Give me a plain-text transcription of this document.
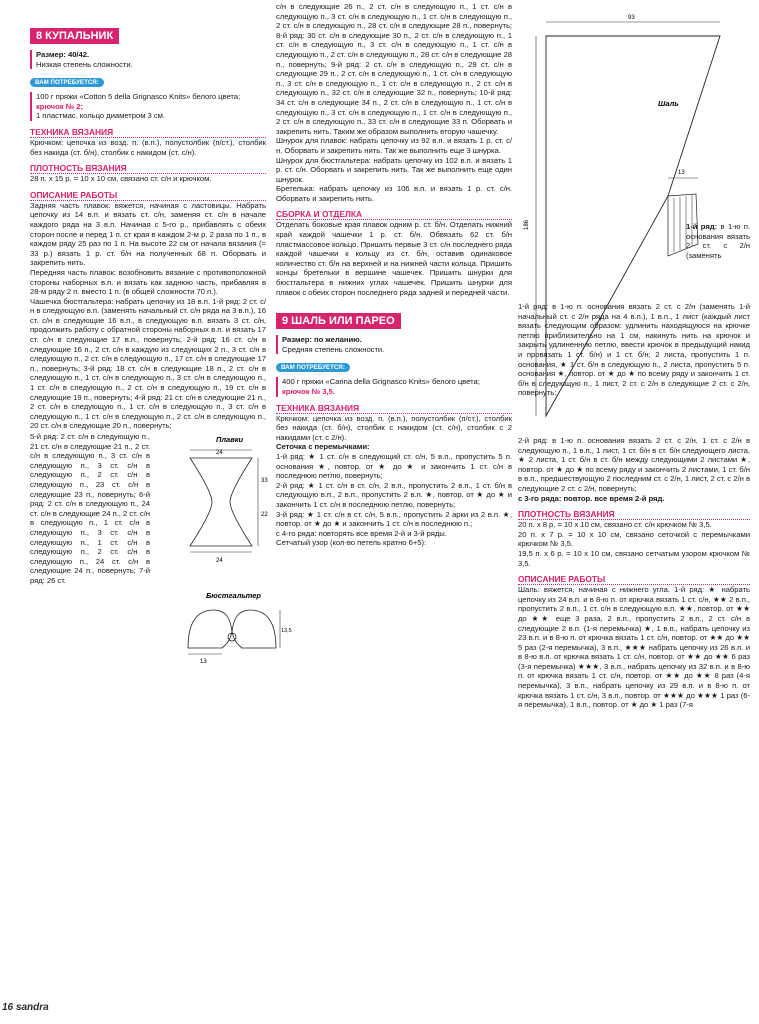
8 КУПАЛЬНИК

Размер: 40/42.

Низкая степень сложности.

ВАМ ПОТРЕБУЕТСЯ:

100 г пряжи «Cotton 5 della Grignasco Knits» белого цвета;

крючок № 2;

1 пластмас. кольцо диаметром 3 см.

ТЕХНИКА ВЯЗАНИЯ

Крючком: цепочка из возд. п. (в.п.), полустолбик (п/ст.), столбик без накида (ст. б/н), столбик с накидом (ст. с/н).

ПЛОТНОСТЬ ВЯЗАНИЯ

28 п. х 15 р. = 10 х 10 см, связано ст. с/н и крючком.

ОПИСАНИЕ РАБОТЫ

Задняя часть плавок: вяжется, начиная с ластовицы. Набрать цепочку из 14 в.п. и вязать ст. с/н, заменяя ст. с/н в начале каждого ряда на 3 в.п. Начиная с 5-го р., прибавлять с обеих сторон после и перед 1 п. ст края в каждом 2-м р. 2 раза по 1 п., в каждом ряду 25 раз по 1 п. На высоте 22 см от начала вязания (= 33 р.) вязать 1 р. ст. б/н на полученных 68 п. Оборвать и закрепить нить.

Передняя часть плавок: возобновить вязание с противоположной стороны наборных в.п. и вязать как заднюю часть, прибавляя в 28-м ряду 2 п. вместо 1 п. (в общей сложности 70 п.).

Чашечка бюстгальтера: набрать цепочку из 18 в.п. 1-й ряд: 2 ст. с/н в следующую в.п. (заменять начальный ст. с/н ряда на 3 в.п.), 16 ст. с/н в следующие 16 в.п., в следующую в.п. вязать 3 ст. с/н, продолжить работу с обратной стороны наборных в.п. и вязать 17 ст. с/н в следующие 17 в.п., повернуть; 2-й ряд: 16 ст. с/н в следующие 16 п., 2 ст. с/н в каждую из следующих 2 п., 3 ст. с/н в следующую п., 2 ст. с/н в следующую п., 17 ст. с/н в следующие 17 п., повернуть; 3-й ряд: 18 ст. с/н в следующие 18 п., 2 ст. с/н в следующую п., 1 ст. с/н в следующую п., 3 ст. с/н в следующую п., 1 ст. с/н в следующую п., 2 ст. с/н в следующую п., 19 ст. с/н в следующие 19 п., повернуть; 4-й ряд: 21 ст. с/н в следующие 21 п., 2 ст. с/н в следующую п., 1 ст. с/н в следующую п., 3 ст. с/н в следующую п., 1 ст. с/н в следующую п., 2 ст. с/н в следующую п., 20 ст. с/н в следующие 20 п., повернуть;

5-й ряд: 2 ст. с/н в следующую п., 21 ст. с/н в следующие 21 п., 2 ст. с/н в следующую п., 3 ст. с/н в следующую п., 3 ст. с/н в следующую п., 2 ст. с/н в следующую п., 23 ст. с/н в следующие 23 п., повернуть; 6-й ряд: 2 ст. с/н в следующую п., 24 ст. с/н в следующие 24 п., 2 ст. с/н в следующую п., 1 ст. с/н в следующую п., 3 ст. с/н в следующую п., 1 ст. с/н в следующую п., 2 ст. с/н в следующую п., 24 ст. с/н в следующие 24 п., повернуть; 7-й ряд: 26 ст.

Плавки
24
33
22
24
Бюстгальтер
13,5
13

с/н в следующие 26 п., 2 ст. с/н в следующую п., 1 ст. с/н в следующую п., 3 ст. с/н в следующую п., 1 ст. с/н в следующую п., 2 ст. с/н в следующую п., 28 ст. с/н в следующие 28 п., повернуть; 8-й ряд: 30 ст. с/н в следующие 30 п., 2 ст. с/н в следующую п., 1 ст. с/н в следующую п., 3 ст. с/н в следующую п., 1 ст. с/н в следующую п., 2 ст. с/н в следующую п., 28 ст. с/н в следующие 28 п., повернуть; 9-й ряд: 2 ст. с/н в следующую п., 29 ст. с/н в следующие 29 п., 2 ст. с/н в следующую п., 1 ст. с/н в следующую п., 3 ст. с/н в следующую п., 1 ст. с/н в следующую п., 2 ст. с/н в следующую п., 32 ст. с/н в следующие 32 п., повернуть; 10-й ряд: 34 ст. с/н в следующие 34 п., 2 ст. с/н в следующую п., 1 ст. с/н в следующую п., 3 ст. с/н в следующую п., 1 ст. с/н в следующую п., 2 ст. с/н в следующую п., 33 ст. с/н в следующие 33 п. Оборвать и закрепить нить. Таким же образом выполнить вторую чашечку.

Шнурок для плавок: набрать цепочку из 92 в.п. и вязать 1 р. ст. с/н. Оборвать и закрепить нить. Так же выполнить еще 3 шнурка.

Шнурок для бюстгальтера: набрать цепочку из 102 в.п. и вязать 1 р. ст. с/н. Оборвать и закрепить нить. Так же выполнить еще один шнурок.

Бретелька: набрать цепочку из 106 в.п. и вязать 1 р. ст. с/н. Оборвать и закрепить нить.

СБОРКА И ОТДЕЛКА

Отделать боковые края плавок одним р. ст. б/н. Отделать нижний край каждой чашечки 1 р. ст. б/н. Обвязать 62 ст. б/н пластмассовое кольцо. Пришить первые 3 ст. с/н последнего ряда каждой чашечки к кольцу из ст. б/н, оставив одинаковое количество ст. б/н на верхней и на нижней части кольца. Пришить концы бретельки в вершине чашечек. Пришить шнурки для бюстгальтера в нижних углах чашечек. Пришить шнурки для плавок с обеих сторон последнего ряда задней и передней части.

9 ШАЛЬ ИЛИ ПАРЕО

Размер: по желанию.

Средняя степень сложности.

ВАМ ПОТРЕБУЕТСЯ:

400 г пряжи «Carina della Grignasco Knits» белого цвета;

крючок № 3,5.

ТЕХНИКА ВЯЗАНИЯ

Крючком: цепочка из возд. п. (в.п.), полустолбик (п/ст.), столбик без накида (ст. б/н), столбик с накидом (ст. с/н), столбик с 2 накидами (ст. с 2/н).

Сеточка с перемычками:

1-й ряд: ★ 1 ст. с/н в следующий ст. с/н, 5 в.п., пропустить 5 п. основания ★, повтор. от ★ до ★ и закончить 1 ст. с/н в последнюю петлю, повернуть;

2-й ряд: ★ 1 ст. с/н в ст. с/н, 2 в.п., пропустить 2 в.п., 1 ст. б/н в следующую в.п., 2 в.п., пропустить 2 в.п. ★, повтор. от ★ до ★ и закончить 1 ст. с/н в последнюю петлю, повернуть;

3-й ряд: ★ 1 ст. с/н в ст. с/н, 5 в.п., пропустить 2 арки из 2 в.п. ★, повтор. от ★ до ★ и закончить 1 ст. с/н в последнюю п.;

с 4-го ряда: повторять все время 2-й и 3-й ряды.

Сетчатый узор (кол-во петель кратно 6+5):

93
186
Шаль
13

1-й ряд: в 1-ю п. основания вязать 2 ст. с 2/н (заменять

1-й ряд: в 1-ю п. основания вязать 2 ст. с 2/н (заменять 1-й начальный ст. с 2/н ряда на 4 в.п.), 1 в.п., 1 лист (каждый лист вязать следующим образом: удлинить находящуюся на крючке петлю приблизительно на 1 см, накинуть нить на крючок и закрыть удлиненную петлю, ввести крючок в предыдущий накид и провязать 1 ст. б/н) и 1 ст. б/н; 2 листа, пропустить 1 п. основания, ★ 1 ст. б/н в следующую п., 2 листа, пропустить 5 п. основания ★, повтор. от ★ до ★ по всему ряду и закончить 1 ст. б/н в следующую п., 1 лист, 2 ст. с 2/н в следующие 2 ст. с 2/н, повернуть;

2-й ряд: в 1-ю п. основания вязать 2 ст. с 2/н, 1 ст. с 2/н в следующую п., 1 в.п., 1 лист, 1 ст. б/н в ст. б/н следующего листа, ★ 2 листа, 1 ст. б/н в ст. б/н между следующими 2 листами ★, повтор. от ★ до ★ по всему ряду и закончить 2 листами, 1 ст. б/н в в.п., предшествующую 2 последним ст. с 2/н, 1 лист, 2 ст. с 2/н в следующие 2 ст. с 2/н, повернуть;

с 3-го ряда: повтор. все время 2-й ряд.

ПЛОТНОСТЬ ВЯЗАНИЯ

20 п. х 8 р. = 10 х 10 см, связано ст. с/н крючком № 3,5.

20 п. х 7 р. = 10 х 10 см, связано сеточкой с перемычками крючком № 3,5.

19,5 п. х 6 р. = 10 х 10 см, связано сетчатым узором крючком № 3,5.

ОПИСАНИЕ РАБОТЫ

Шаль: вяжется, начиная с нижнего угла. 1-й ряд: ★ набрать цепочку из 24 в.п. и в 8-ю п. от крючка вязать 1 ст. с/н, ★★ 2 в.п., пропустить 2 в.п., 1 ст. с/н в следующую в.п. ★★, повтор. от ★★ до ★★ еще 3 раза, 2 в.п., пропустить 2 в.п., 2 ст. с/н в следующие 2 в.п. (1-я перемычка) ★, 1 в.п., набрать цепочку из 23 в.п. и в 8-ю п. от крючка вязать 1 ст. с/н, повтор. от ★★ до ★★ 5 раз (2-я перемычка), 3 в.п., ★★★ набрать цепочку из 26 в.п. и в 8-ю в.п. от крючка вязать 1 ст. с/н, повтор. от ★★ до ★★ 6 раз (3-я перемычка) ★★★, 3 в.п., набрать цепочку из 32 в.п. и в 8-ю п. от крючка вязать 1 ст. с/н, повтор. от ★★ до ★★ 8 раз (4-я перемычка), 3 в.п., набрать цепочку из 29 в.п. и в 8-ю п. от крючка вязать 1 ст. с/н, 3 в.п., повтор. от ★★★ до ★★★ 1 раз (6-я перемычка), 1 в.п., повтор. от ★ до ★ 1 раз (7-я

16 sandra
